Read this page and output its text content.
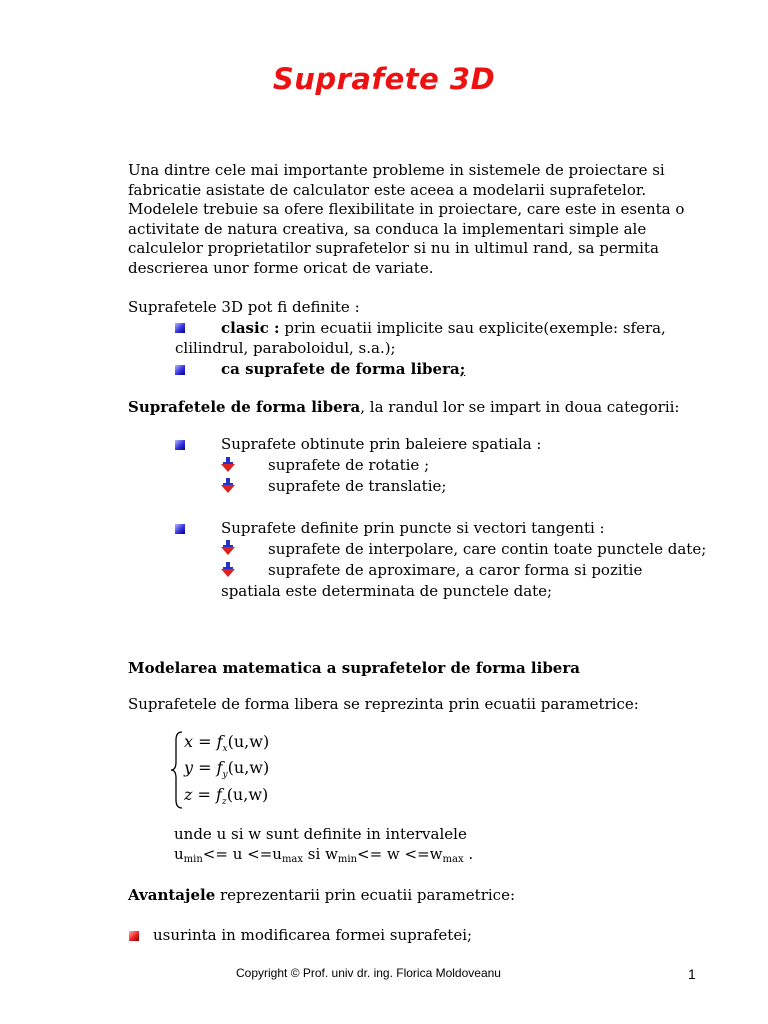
Suprafete 3D

Una dintre cele mai importante probleme in sistemele de proiectare si

fabricatie asistate de calculator este aceea a modelarii suprafetelor.

Modelele trebuie sa ofere flexibilitate in proiectare, care este in esenta o

activitate de natura creativa, sa conduca la implementari simple ale

calculelor proprietatilor suprafetelor si nu in ultimul rand, sa permita

descrierea unor forme oricat de variate.

Suprafetele 3D pot fi definite :
clasic : prin ecuatii implicite sau explicite(exemple: sfera,
clilindrul, paraboloidul, s.a.);
ca suprafete de forma libera;
Suprafetele de forma libera, la randul lor se impart in doua categorii:
Suprafete obtinute prin baleiere spatiala :
suprafete de rotatie ;
suprafete de translatie;
Suprafete definite prin puncte si vectori tangenti :
suprafete de interpolare, care contin toate punctele date;
suprafete de aproximare, a caror forma si pozitie
spatiala este determinata de punctele date;
Modelarea matematica a suprafetelor de forma libera
Suprafetele de forma libera se reprezinta prin ecuatii parametrice:
$x = f_x(u,w)$
$y = f_y(u,w)$
$z = f_z(u,w)$
unde u si w sunt definite in intervalele
$u_{min}<= u <=u_{max}$ si $w_{min}<= w <=w_{max}$ .
Avantajele reprezentarii prin ecuatii parametrice:
usurinta in modificarea formei suprafetei;
Copyright © Prof. univ dr. ing. Florica Moldoveanu	1
